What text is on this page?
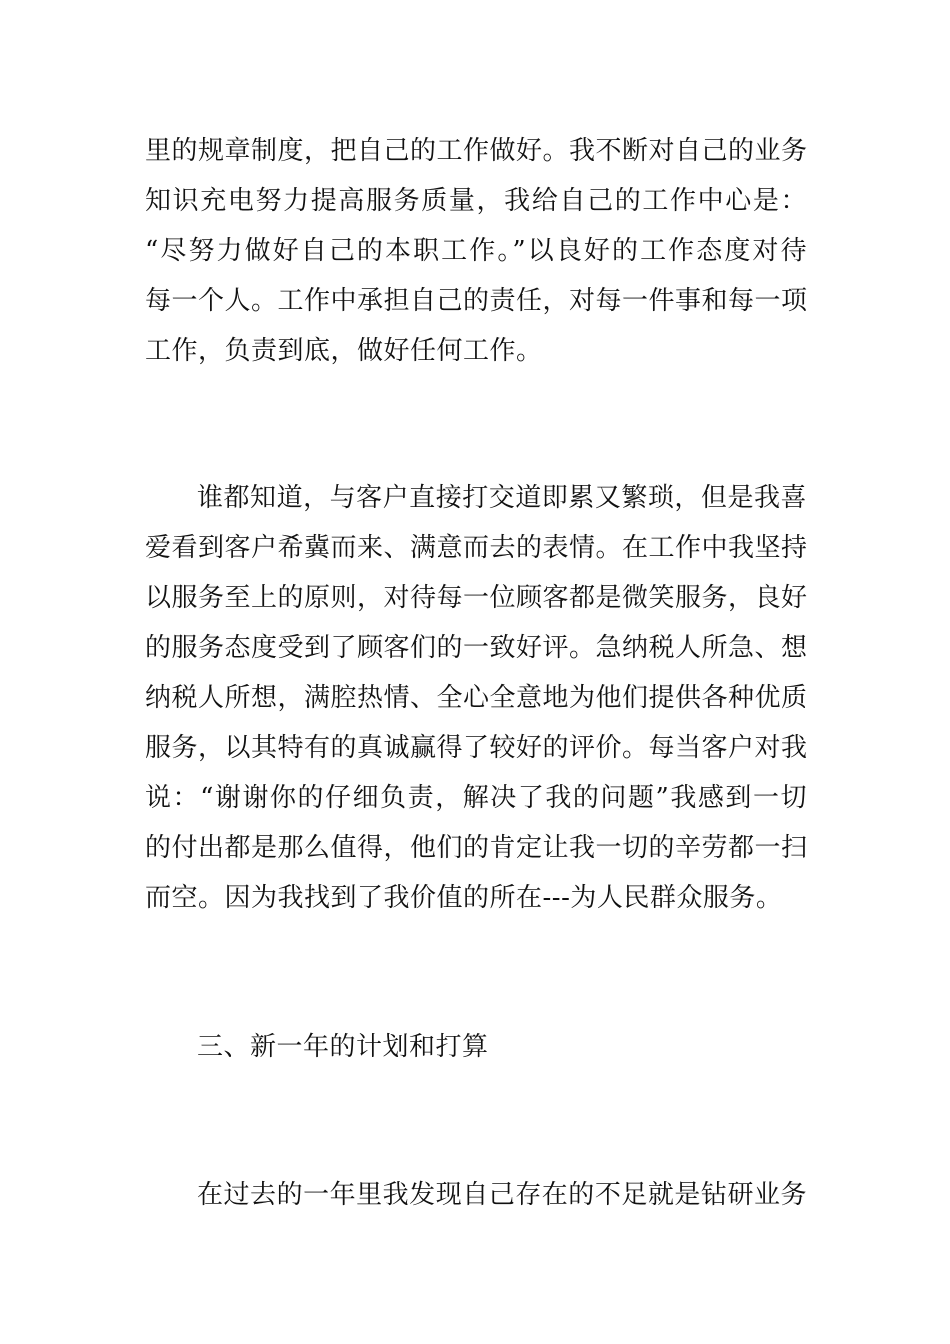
里的规章制度，把自己的工作做好。我不断对自己的业务
知识充电努力提高服务质量，我给自己的工作中心是：
“尽努力做好自己的本职工作。”以良好的工作态度对待
每一个人。工作中承担自己的责任，对每一件事和每一项
工作，负责到底，做好任何工作。
谁都知道，与客户直接打交道即累又繁琐，但是我喜
爱看到客户希冀而来、满意而去的表情。在工作中我坚持
以服务至上的原则，对待每一位顾客都是微笑服务，良好
的服务态度受到了顾客们的一致好评。急纳税人所急、想
纳税人所想，满腔热情、全心全意地为他们提供各种优质
服务，以其特有的真诚赢得了较好的评价。每当客户对我
说：“谢谢你的仔细负责，解决了我的问题”我感到一切
的付出都是那么值得，他们的肯定让我一切的辛劳都一扫
而空。因为我找到了我价值的所在---为人民群众服务。
三、新一年的计划和打算
在过去的一年里我发现自己存在的不足就是钻研业务
